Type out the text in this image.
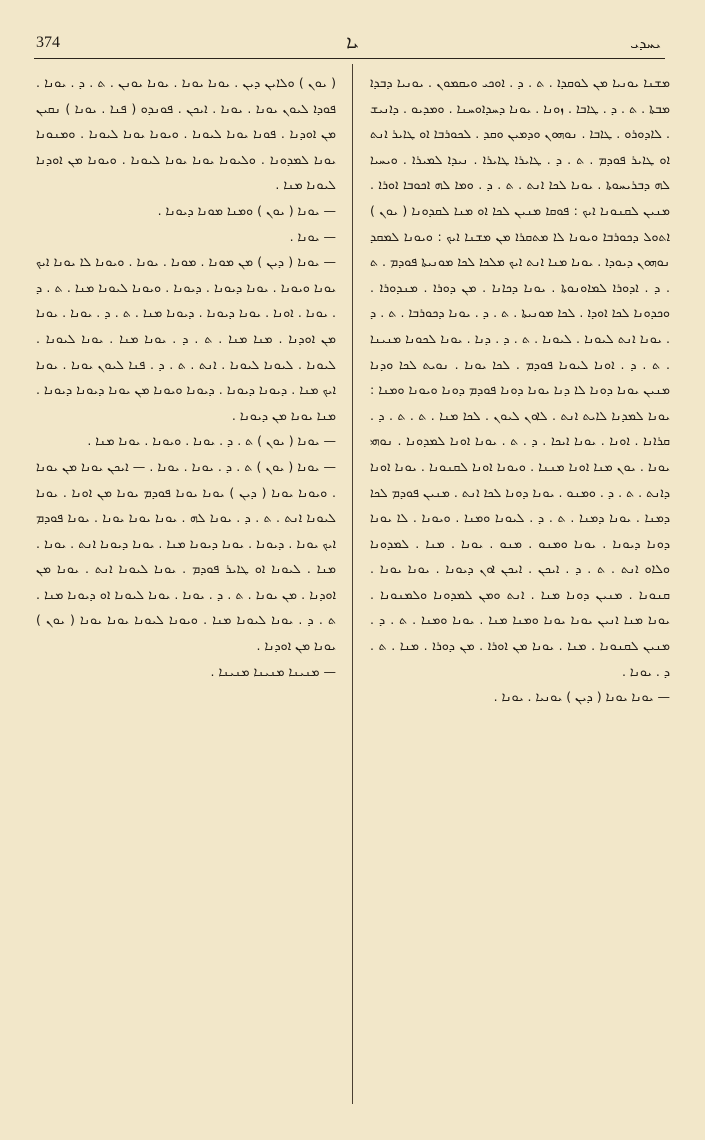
374	ܝܐ	ܝܚܕܝ

( ܝܘܢ ) ܘܠܐܝܢ ܕܝܢ . ܝܘܢܐ ܝܘܢܐ . ܝܘܢܐ ܝܘܢܢ . ܬ . ܕ . ܝܘܢܐ . ܦܘܕܐ ܠܝܘܢ ܝܘܢܐ . ܝܘܢܐ . ܐܝܟܢ . ܦܘܢܕܘ ( ܦܢܐ . ܝܘܢܐ ) ܢܩܝܢ ܡܢ ܐܘܕܢܐ . ܦܘܢܐ ܝܘܢܐ ܠܝܘܢܐ . ܘܝܘܢܐ ܝܘܢܐ ܠܝܘܢܐ . ܘܡܢܘܢܐ ܝܘܢܐ ܠܡܕܘܢܐ . ܘܠܝܘܢܐ ܝܘܢܐ ܝܘܢܐ ܠܝܘܢܐ . ܘܝܘܢܐ ܡܢ ܐܘܕܢܐ ܠܝܘܢܐ ܡܢܐ .

— ܝܘܢܐ ( ܝܘܢ ) ܘܡܢܐ ܡܘܢܐ ܕܝܘܢܐ .

— ܝܘܢܐ .

— ܝܘܢܐ ( ܕܝܢ ) ܡܢ ܡܘܢܐ . ܡܘܢܐ . ܝܘܢܐ . ܘܝܘܢܐ ܠܐ ܝܘܢܐ ܐܝܟ ܝܘܢܐ ܘܝܘܢܐ . ܝܘܢܐ ܕܝܘܢܐ . ܕܝܘܢܐ . ܘܝܘܢܐ ܠܝܘܢܐ ܡܢܐ . ܬ . ܕ . ܝܘܢܐ . ܐܘܢܐ . ܝܘܢܐ ܕܝܘܢܐ . ܕܝܘܢܐ ܡܢܐ . ܬ . ܕ . ܝܘܢܐ . ܝܘܢܐ ܡܢ ܐܘܕܢܐ . ܡܢܐ ܡܢܐ . ܬ . ܕ . ܝܘܢܐ ܡܢܐ . ܝܘܢܐ ܠܝܘܢܐ . ܠܝܘܢܐ . ܠܝܘܢܐ ܠܝܘܢܐ . ܐܢܬ . ܬ . ܕ . ܦܢܐ ܠܝܘܢ ܝܘܢܐ . ܝܘܢܐ ܐܝܟ ܡܢܐ . ܕܝܘܢܐ ܕܝܘܢܐ . ܕܝܘܢܐ ܘܝܘܢܐ ܡܢ ܝܘܢܐ ܕܝܘܢܐ ܕܝܘܢܐ . ܡܢܐ ܝܘܢܐ ܡܢ ܕܝܘܢܐ .

— ܝܘܢܐ ( ܝܘܢ ) ܬ . ܕ . ܝܘܢܐ . ܘܝܘܢܐ . ܝܘܢܐ ܡܢܐ .

— ܝܘܢܐ ( ܝܘܢ ) ܬ . ܕ . ܝܘܢܐ . ܝܘܢܐ . — ܐܝܟܢ ܝܘܢܐ ܡܢ ܝܘܢܐ . ܘܝܘܢܐ ܝܘܢܐ ( ܕܝܢ ) ܝܘܢܐ ܝܘܢܐ ܦܘܕܡ ܝܘܢܐ ܡܢ ܐܘܢܐ . ܝܘܢܐ ܠܝܘܢܐ ܐܢܬ . ܬ . ܕ . ܝܘܢܐ ܠܗ . ܝܘܢܐ ܝܘܢܐ ܝܘܢܐ . ܝܘܢܐ ܦܘܕܡ ܐܝܟ ܝܘܢܐ . ܕܝܘܢܐ . ܝܘܢܐ ܕܝܘܢܐ ܡܢܐ . ܝܘܢܐ ܕܝܘܢܐ ܐܢܬ . ܝܘܢܐ . ܡܢܐ . ܠܝܘܢܐ ܐܘ ܛܐܝܪ ܦܘܕܡ . ܝܘܢܐ ܠܝܘܢܐ ܐܢܬ . ܝܘܢܐ ܡܢ ܐܘܕܢܐ . ܡܢ ܝܘܢܐ . ܬ . ܕ . ܝܘܢܐ . ܝܘܢܐ ܠܝܘܢܐ ܐܘ ܕܝܘܢܐ ܡܢܐ . ܬ . ܕ . ܝܘܢܐ ܠܝܘܢܐ ܡܢܐ . ܘܝܘܢܐ ܠܝܘܢܐ ܝܘܢܐ ܝܘܢܐ ( ܝܘܢ ) ܝܘܢܐ ܡܢ ܐܘܕܢܐ .

— ܡܢܝܢܐ ܡܢܝܢܐ ܡܢܝܢܐ .

ܡܫܢܐ ܝܘܢܝܐ ܡܢ ܠܘܩܕܐ . ܬ . ܕ . ܐܘܟܝ ܘܝܩܡܘܢ . ܝܘܢܝܐ ܕܒܕܐ ܡܒܬܐ . ܬ . ܕ . ܛܐܒܐ . ܙܘܢܐ . ܝܘܢܐ ܕܚܕܐܘܚܢܐ . ܘܡܕܝܘ . ܕܐܢܝܫ . ܠܐܕܘܪܘ . ܛܐܒܐ . ܢܘܗܘܢ ܘܕܡܝܢ ܘܩܕ . ܠܟܘܪܒܐ ܐܘ ܛܐܝܪ ܐܢܬ ܐܘ ܛܐܝܪ ܦܘܕܡ . ܬ . ܕ . ܛܐܝܪܐ ܛܐܝܪܐ . ܢܝܕܐ ܠܡܝܪܐ . ܘܝܚܝܐ ܠܗ ܕܒܪܝܚܘܬܐ . ܝܘܢܐ ܠܟܐ ܐܢܬ . ܬ . ܕ . ܘܡܐ ܠܗ ܐܟܘܒܐ ܐܘܪܐ . ܡܢܝܢ ܠܩܢܘܢܐ ܐܝܟ : ܦܘܩܐ ܡܢܝܢ ܠܟܐ ܐܘ ܡܢܐ ܠܩܕܘܢܐ ( ܝܘܢ ) ܐܬܘܠ ܕܟܘܪܒܐ ܘܝܘܢܐ ܠܐ ܡܬܩܪܐ ܡܢ ܡܫܢܐ ܐܝܟ : ܘܝܘܢܐ ܠܡܩܕ ܢܘܗܘܢ ܕܝܘܕܐ . ܝܘܢܐ ܡܢܐ ܐܢܬ ܐܝܟ ܡܠܟܐ ܠܟܐ ܡܘܢܝܬܐ ܦܘܕܡ . ܬ . ܕ . ܐܕܘܪܐ ܠܡܐܘܢܘܬܐ . ܝܘܢܐ ܕܟܐܢܐ . ܡܢ ܕܘܪܐ . ܡܢܕܘܪܐ . ܘܟܕܘܢܐ ܠܟܐ ܐܘܕܐ . ܠܟܐ ܡܘܢܝܬܐ . ܬ . ܕ . ܝܘܢܐ ܕܟܘܪܒܐ . ܬ . ܕ . ܝܘܢܐ ܐܢܬ ܠܝܘܢܐ . ܠܝܘܢܐ . ܬ . ܕ . ܕܢܐ . ܝܘܢܐ ܠܟܘܢܐ ܡܢܝܢܐ . ܬ . ܕ . ܐܘܢܐ ܠܝܘܢܐ ܦܘܕܡ . ܠܟܐ ܝܘܢܐ . ܢܘܝܬ ܠܟܐ ܘܕܢܐ ܡܢܝܢ ܝܘܢܐ ܕܘܢܐ ܠܐ ܕܢܐ ܝܘܢܐ ܕܘܢܐ ܦܘܕܡ ܕܘܢܐ ܘܝܘܢܐ ܘܡܢܐ : ܝܘܢܐ ܠܡܕܢܐ ܠܐܝܬ ܐܢܬ . ܠܐܘܢ ܠܝܘܢ . ܠܟܐ ܡܢܐ . ܬ . ܬ . ܕ . ܩܪܐܢܐ . ܐܘܢܐ . ܝܘܢܐ ܐܝܟܐ . ܕ . ܬ . ܝܘܢܐ ܐܘܢܐ ܠܡܕܘܢܐ . ܢܘܗܝ ܝܘܢܐ . ܝܘܢ ܡܢܐ ܐܘܢܐ ܡܢܢܐ . ܘܝܘܢܐ ܐܘܢܐ ܠܩܢܘܢܐ . ܝܘܢܐ ܐܘܢܐ ܕܐܢܬ . ܬ . ܕ . ܘܡܢܘ . ܝܘܢܐ ܕܘܢܐ ܠܟܐ ܐܢܬ . ܡܢܝܢ ܦܘܕܡ ܠܟܐ ܕܡܢܐ . ܝܘܢܐ ܕܡܢܐ . ܬ . ܕ . ܠܝܘܢܐ ܘܡܢܐ . ܘܝܘܢܐ . ܠܐ ܝܘܢܐ ܕܘܢܐ ܕܝܘܢܐ . ܝܘܢܐ ܘܡܢܘ . ܡܢܘ . ܝܘܢܐ . ܡܢܐ . ܠܡܕܘܢܐ ܘܠܐܘ ܐܢܬ . ܬ . ܕ . ܐܝܟܢ . ܐܝܟܢ ܐܘܢ ܕܝܘܢܐ . ܝܘܢܐ ܝܘܢܐ . ܩܢܘܢܐ . ܡܢܝܢ ܕܘܢܐ ܡܢܐ . ܐܢܬ ܘܡܢ ܠܡܕܘܢܐ ܘܠܡܢܘܢܐ . ܝܘܢܐ ܡܢܐ ܐܢܝܢ ܝܘܢܐ ܝܘܢܐ ܘܡܢܐ ܡܢܐ . ܝܘܢܐ ܘܡܢܐ . ܬ . ܕ . ܡܢܝܢ ܠܩܢܘܢܐ . ܡܢܐ . ܝܘܢܐ ܡܢ ܐܘܪܐ . ܡܢ ܕܘܪܐ . ܡܢܐ . ܬ . ܕ . ܝܘܢܐ .

— ܝܘܢܐ ܝܘܢܐ ( ܕܝܢ ) ܝܘܢܝܐ . ܝܘܢܐ .
